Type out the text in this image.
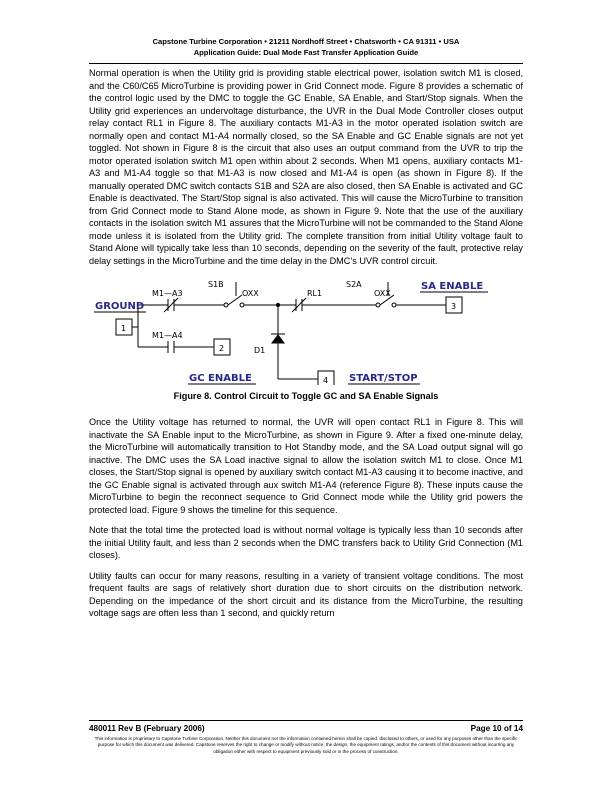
Capstone Turbine Corporation • 21211 Nordhoff Street • Chatsworth • CA 91311 • USA
Application Guide: Dual Mode Fast Transfer Application Guide

Normal operation is when the Utility grid is providing stable electrical power, isolation switch M1 is closed, and the C60/C65 MicroTurbine is providing power in Grid Connect mode. Figure 8 provides a schematic of the control logic used by the DMC to toggle the GC Enable, SA Enable, and Start/Stop signals. When the Utility grid experiences an undervoltage disturbance, the UVR in the Dual Mode Controller closes output relay contact RL1 in Figure 8. The auxiliary contacts M1-A3 in the motor operated isolation switch are normally open and contact M1-A4 normally closed, so the SA Enable and GC Enable signals are not yet toggled. Not shown in Figure 8 is the circuit that also uses an output command from the UVR to trip the motor operated isolation switch M1 open within about 2 seconds. When M1 opens, auxiliary contacts M1-A3 and M1-A4 toggle so that M1-A3 is now closed and M1-A4 is open (as shown in Figure 8). If the manually operated DMC switch contacts S1B and S2A are also closed, then SA Enable is activated and GC Enable is deactivated. The Start/Stop signal is also activated. This will cause the MicroTurbine to transition from Grid Connect mode to Stand Alone mode, as shown in Figure 9. Note that the use of the auxiliary contacts in the isolation switch M1 assures that the MicroTurbine will not be commanded to the Stand Alone mode unless it is isolated from the Utility grid. The complete transition from initial Utility voltage fault to Stand Alone will typically take less than 10 seconds, depending on the severity of the fault, protective relay delay settings in the MicroTurbine and the time delay in the DMC’s UVR control circuit.

GROUND
M1—A3
M1—A4
S1B
OXX	RL1
S2A
OXX
SA ENABLE
D1
GC ENABLE	START/STOP
1
2
3
4
Figure 8. Control Circuit to Toggle GC and SA Enable Signals

Once the Utility voltage has returned to normal, the UVR will open contact RL1 in Figure 8. This will inactivate the SA Enable input to the MicroTurbine, as shown in Figure 9. After a fixed one-minute delay, the MicroTurbine will automatically transition to Hot Standby mode, and the SA Load output signal will go inactive. The DMC uses the SA Load inactive signal to allow the isolation switch M1 to close. Once M1 closes, the Start/Stop signal is opened by auxiliary switch contact M1-A3 causing it to become inactive, and the GC Enable signal is activated through aux switch M1-A4 (reference Figure 8). These inputs cause the MicroTurbine to begin the reconnect sequence to Grid Connect mode while the Utility grid powers the protected load. Figure 9 shows the timeline for this sequence.

Note that the total time the protected load is without normal voltage is typically less than 10 seconds after the initial Utility fault, and less than 2 seconds when the DMC transfers back to Utility Grid Connection (M1 closes).

Utility faults can occur for many reasons, resulting in a variety of transient voltage conditions. The most frequent faults are sags of relatively short duration due to short circuits on the distribution network. Depending on the impedance of the short circuit and its distance from the MicroTurbine, the resulting voltage sags are often less than 1 second, and quickly return

480011 Rev B (February 2006)	Page 10 of 14
This information is proprietary to Capstone Turbine Corporation. Neither this document nor the information contained herein shall be copied, disclosed to others, or used for any purposes other than the specific purpose for which this document was delivered. Capstone reserves the right to change or modify without notice, the design, the equipment ratings, and/or the contents of this document without incurring any obligation either with respect to equipment previously sold or in the process of construction.
